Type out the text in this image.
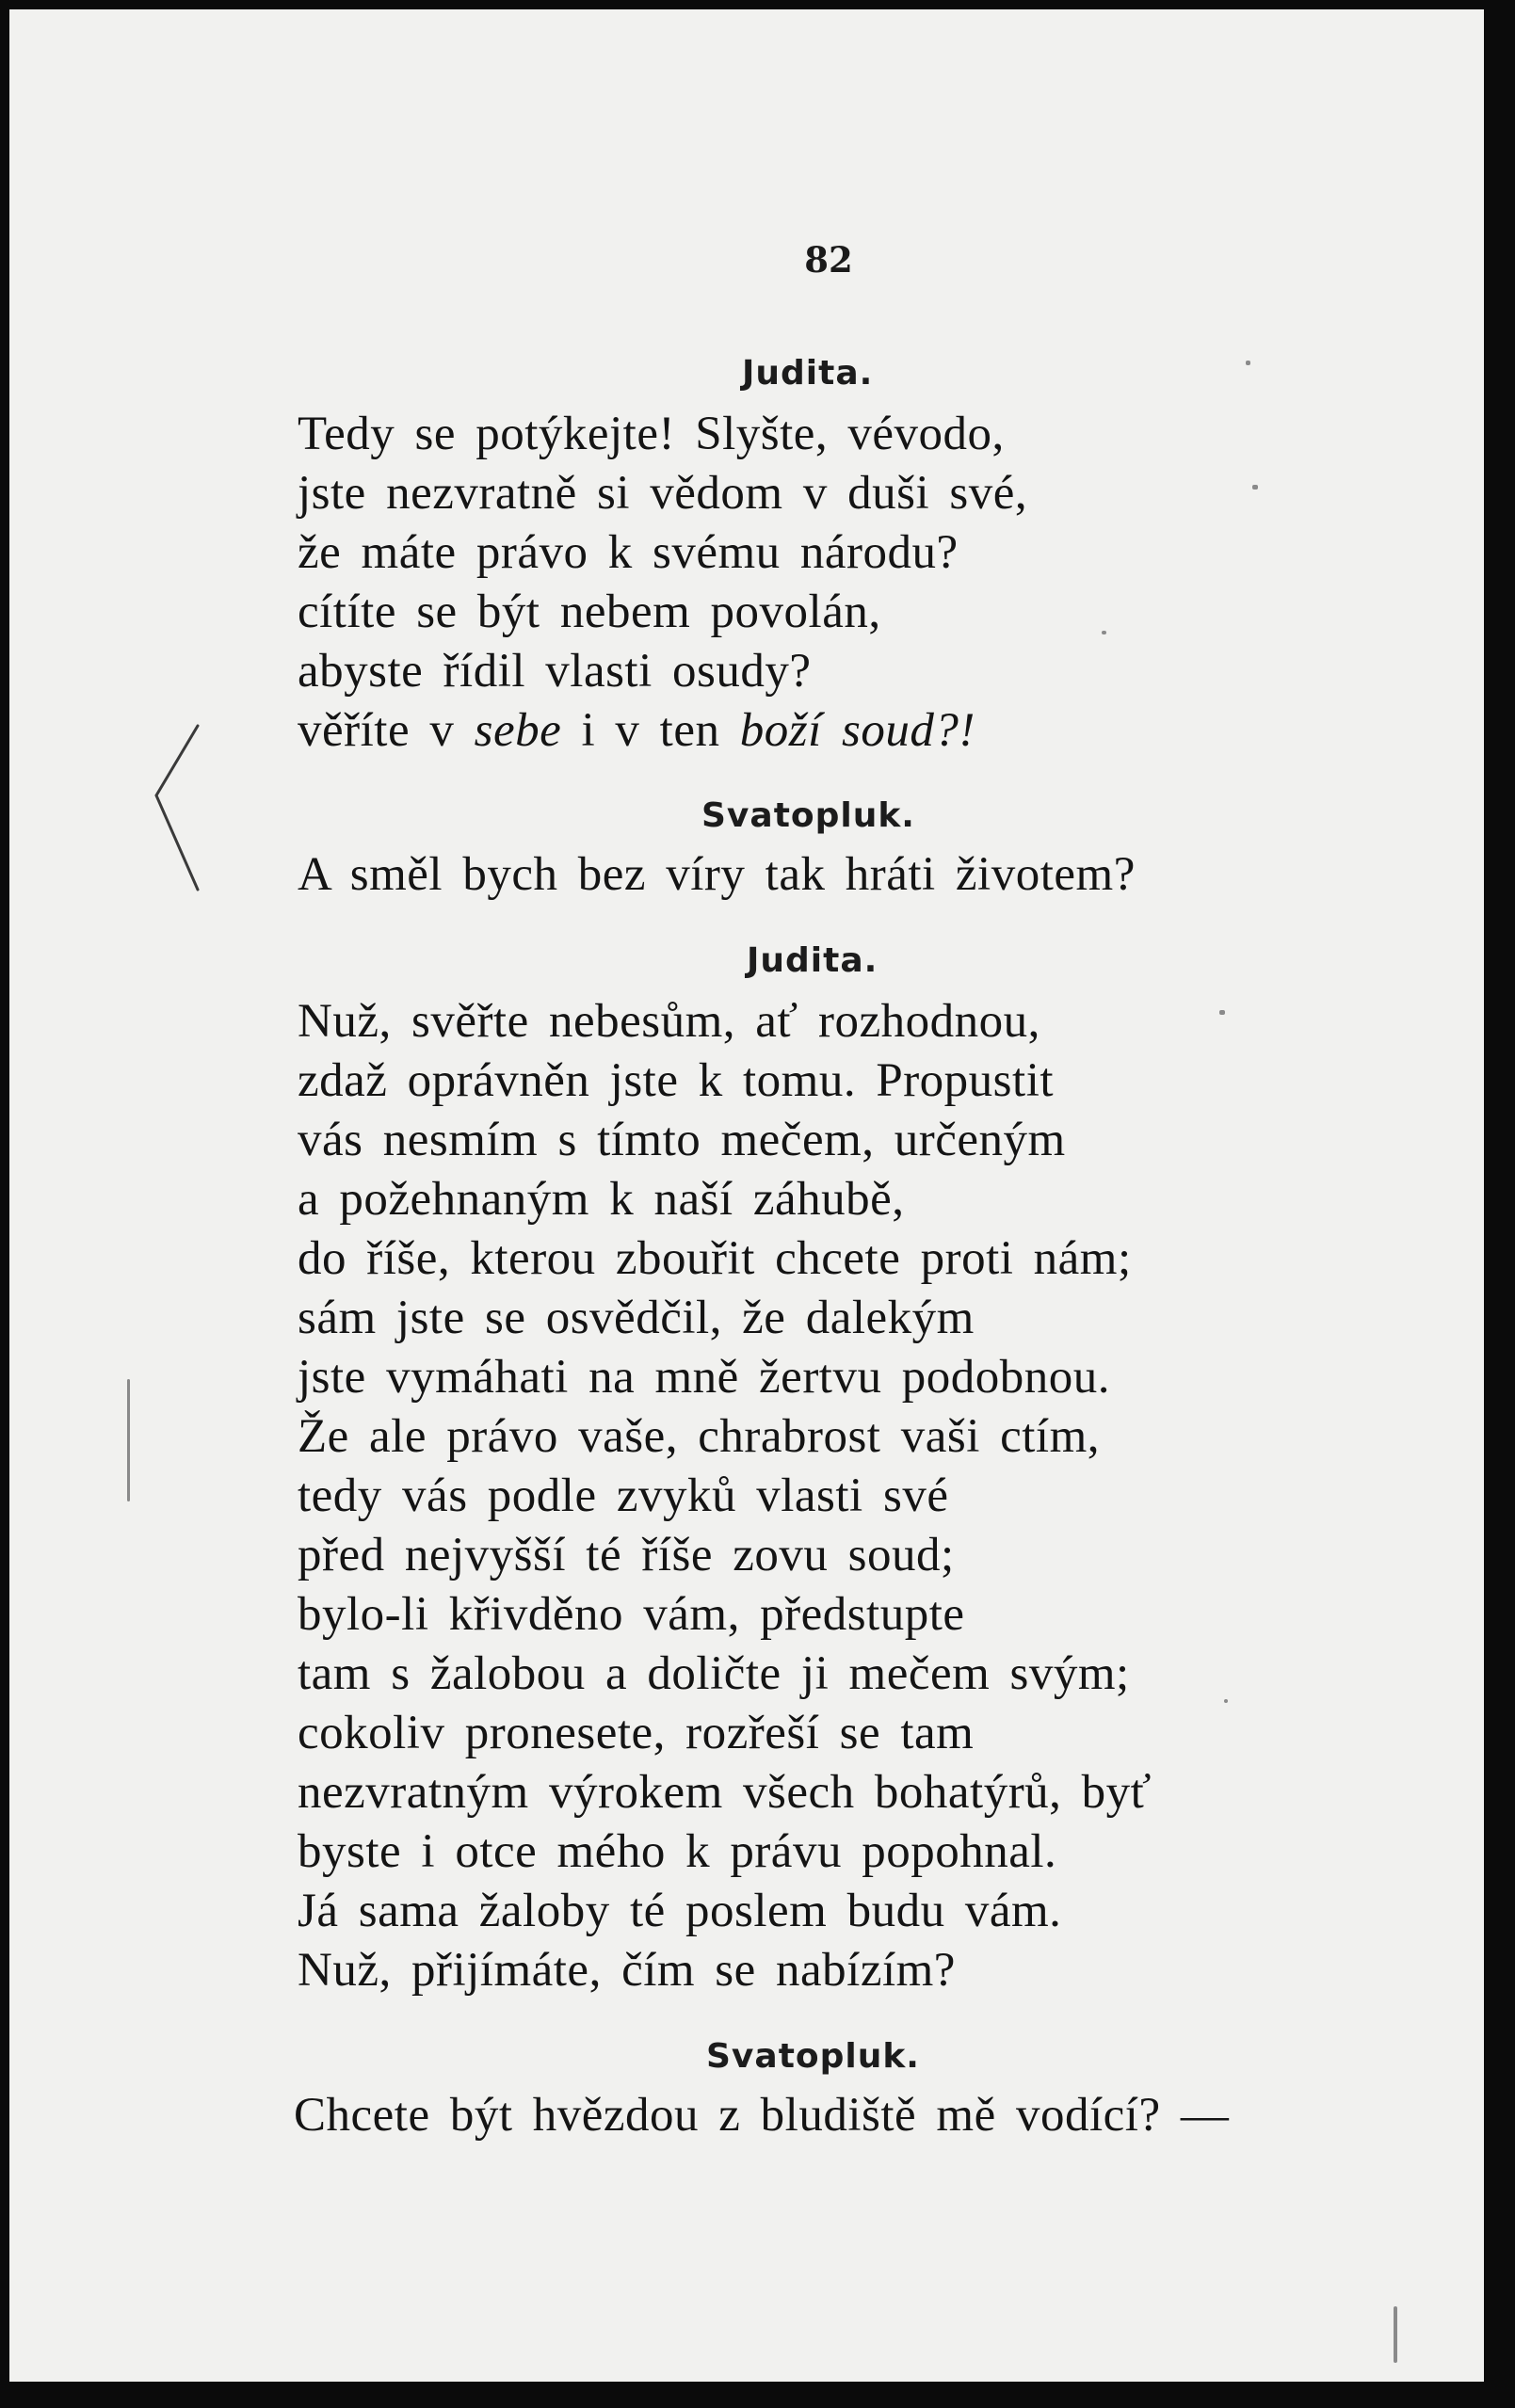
82
Judita.
Tedy se potýkejte! Slyšte, vévodo,
jste nezvratně si vědom v duši své,
že máte právo k svému národu?
cítíte se být nebem povolán,
abyste řídil vlasti osudy?
věříte v sebe i v ten boží soud?!
Svatopluk.
A směl bych bez víry tak hráti životem?
Judita.
Nuž, svěřte nebesům, ať rozhodnou,
zdaž oprávněn jste k tomu. Propustit
vás nesmím s tímto mečem, určeným
a požehnaným k naší záhubě,
do říše, kterou zbouřit chcete proti nám;
sám jste se osvědčil, že dalekým
jste vymáhati na mně žertvu podobnou.
Že ale právo vaše, chrabrost vaši ctím,
tedy vás podle zvyků vlasti své
před nejvyšší té říše zovu soud;
bylo-li křivděno vám, předstupte
tam s žalobou a doličte ji mečem svým;
cokoliv pronesete, rozřeší se tam
nezvratným výrokem všech bohatýrů, byť
byste i otce mého k právu popohnal.
Já sama žaloby té poslem budu vám.
Nuž, přijímáte, čím se nabízím?
Svatopluk.
Chcete být hvězdou z bludiště mě vodící? —
